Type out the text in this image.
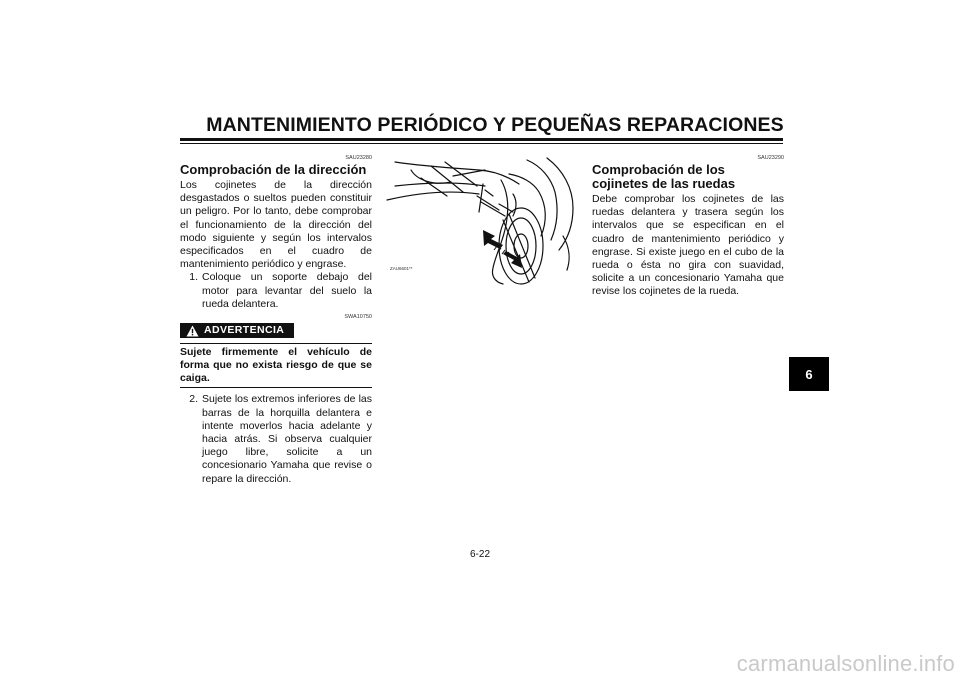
MANTENIMIENTO PERIÓDICO Y PEQUEÑAS REPARACIONES
SAU23280
Comprobación de la dirección

Los cojinetes de la dirección desgastados o sueltos pueden constituir un peligro. Por lo tanto, debe comprobar el funcionamiento de la dirección del modo siguiente y según los intervalos especificados en el cuadro de mantenimiento periódico y engrase.

1. Coloque un soporte debajo del motor para levantar del suelo la rueda delantera.
SWA10750
ADVERTENCIA
Sujete firmemente el vehículo de forma que no exista riesgo de que se caiga.
2. Sujete los extremos inferiores de las barras de la horquilla delantera e intente moverlos hacia adelante y hacia atrás. Si observa cualquier juego libre, solicite a un concesionario Yamaha que revise o repare la dirección.
ZAU6601**
SAU23290
Comprobación de los cojinetes de las ruedas

Debe comprobar los cojinetes de las ruedas delantera y trasera según los intervalos que se especifican en el cuadro de mantenimiento periódico y engrase. Si existe juego en el cubo de la rueda o ésta no gira con suavidad, solicite a un concesionario Yamaha que revise los cojinetes de la rueda.

6-22
6
carmanualsonline.info
